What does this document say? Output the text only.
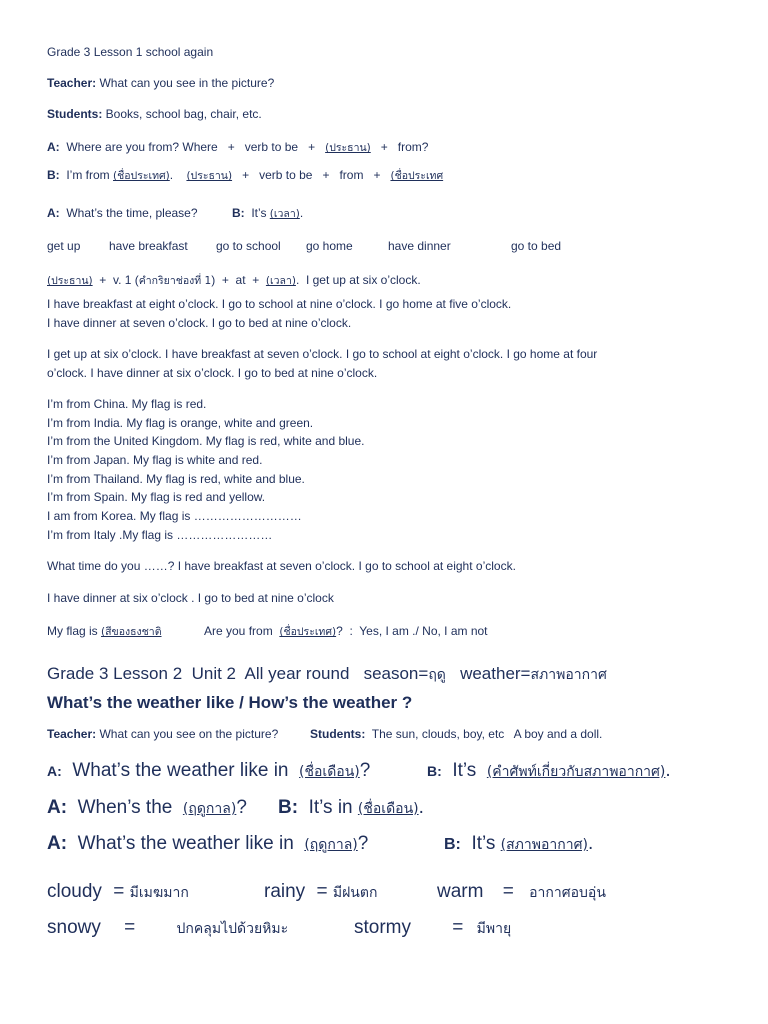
Grade 3 Lesson 1 school again
Teacher: What can you see in the picture?
Students: Books, school bag, chair, etc.
A:  Where are you from? Where   +   verb to be   +   (ประธาน)   +   from?
B:  I’m from (ชื่อประเทศ).    (ประธาน)   +   verb to be   +   from   +   (ชื่อประเทศ
A:  What’s the time, please?	B:  It’s (เวลา).
get up have breakfast go to school go home	have dinner	go to bed
(ประธาน)  +  v. 1 (คำกริยาช่องที่ 1)  +  at  +  (เวลา).  I get up at six o’clock.
I have breakfast at eight o’clock. I go to school at nine o’clock. I go home at five o’clock.
I have dinner at seven o’clock. I go to bed at nine o’clock.
I get up at six o’clock. I have breakfast at seven o’clock. I go to school at eight o’clock. I go home at four
o’clock. I have dinner at six o’clock. I go to bed at nine o’clock.
I’m from China. My flag is red.
I’m from India. My flag is orange, white and green.
I’m from the United Kingdom. My flag is red, white and blue.
I’m from Japan. My flag is white and red.
I’m from Thailand. My flag is red, white and blue.
I’m from Spain. My flag is red and yellow.
I am from Korea. My flag is ………………………
I’m from Italy .My flag is ……………………
What time do you ……? I have breakfast at seven o’clock. I go to school at eight o’clock.
I have dinner at six o’clock . I go to bed at nine o’clock
My flag is (สีของธงชาติ	Are you from  (ชื่อประเทศ)?  :  Yes, I am ./ No, I am not
Grade 3 Lesson 2  Unit 2  All year round   season=ฤดู   weather=สภาพอากาศ
What’s the weather like / How’s the weather ?
Teacher: What can you see on the picture?	Students:  The sun, clouds, boy, etc   A boy and a doll.
A:  What’s the weather like in  (ชื่อเดือน)?	B:  It’s  (คำศัพท์เกี่ยวกับสภาพอากาศ).
A:  When’s the  (ฤดูกาล)? B:  It’s in (ชื่อเดือน).
A:  What’s the weather like in  (ฤดูกาล)?	B:  It’s (สภาพอากาศ).
cloudy = มีเมฆมาก	rainy = มีฝนตก	warm = อากาศอบอุ่น
snowy =	ปกคลุมไปด้วยหิมะ	stormy = มีพายุ
